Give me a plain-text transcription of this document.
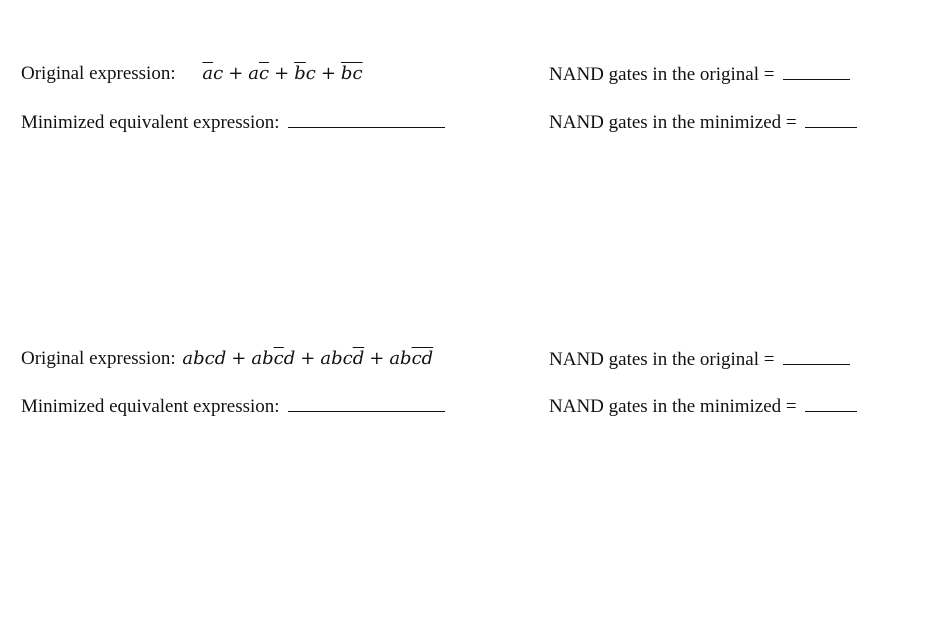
Original expression: $\overline{a}c + a\overline{c} + \overline{b}c + \overline{b}\overline{c}$	NAND gates in the original =
Minimized equivalent expression:	NAND gates in the minimized =
Original expression: abcd + $ab\overline{c}d + abc\overline{d} + ab\overline{c}\overline{d}$	NAND gates in the original =
Minimized equivalent expression:	NAND gates in the minimized =
